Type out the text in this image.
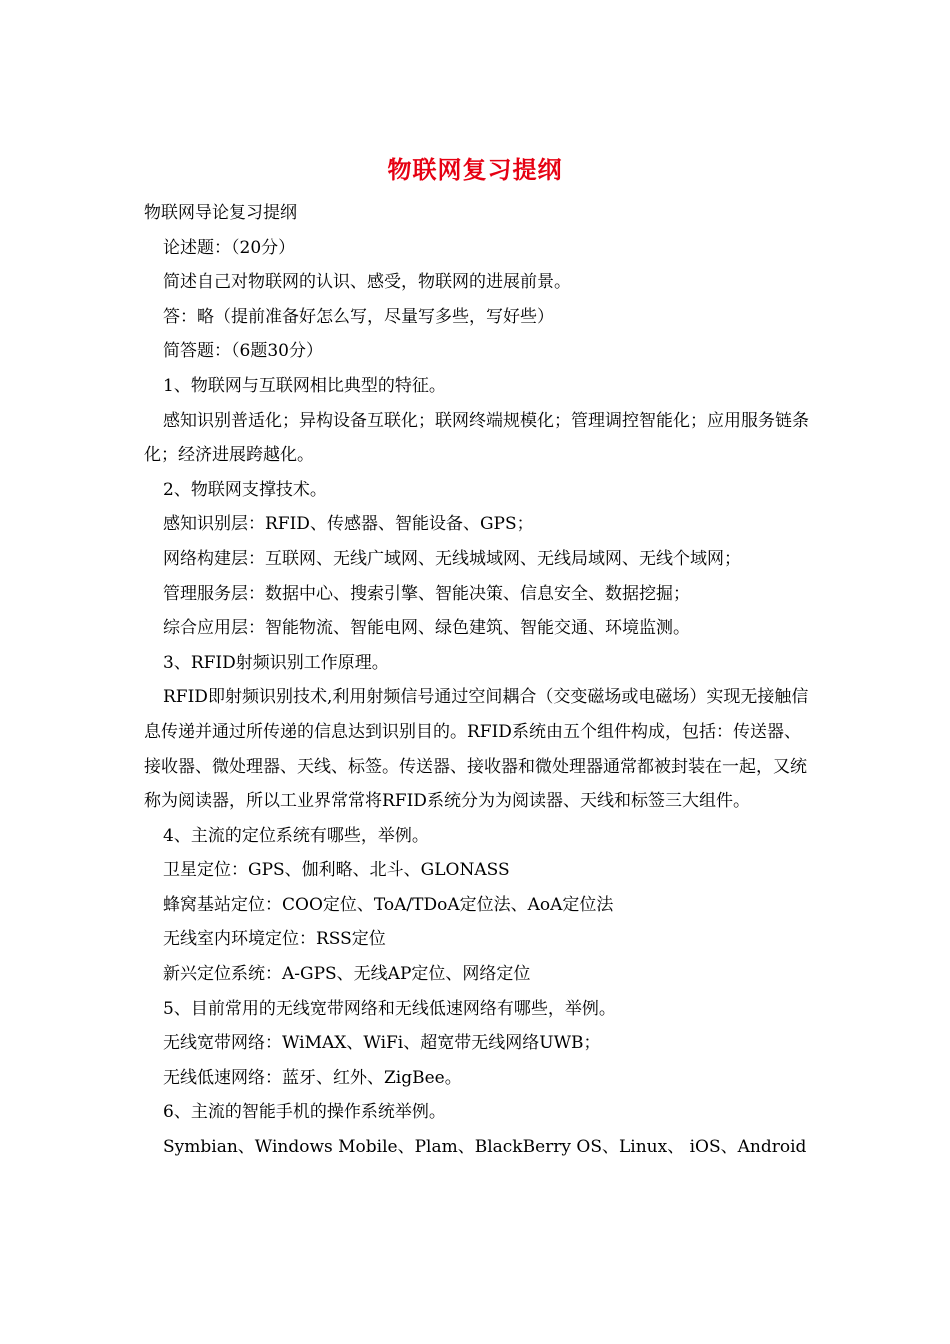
物联网复习提纲

物联网导论复习提纲

论述题：（20分）

简述自己对物联网的认识、感受，物联网的进展前景。

答：略（提前准备好怎么写，尽量写多些，写好些）

简答题：（6题30分）

1、物联网与互联网相比典型的特征。

感知识别普适化；异构设备互联化；联网终端规模化；管理调控智能化；应用服务链条化；经济进展跨越化。

2、物联网支撑技术。

感知识别层：RFID、传感器、智能设备、GPS；

网络构建层：互联网、无线广域网、无线城域网、无线局域网、无线个域网；

管理服务层：数据中心、搜索引擎、智能决策、信息安全、数据挖掘；

综合应用层：智能物流、智能电网、绿色建筑、智能交通、环境监测。

3、RFID射频识别工作原理。

RFID即射频识别技术,利用射频信号通过空间耦合（交变磁场或电磁场）实现无接触信息传递并通过所传递的信息达到识别目的。RFID系统由五个组件构成，包括：传送器、接收器、微处理器、天线、标签。传送器、接收器和微处理器通常都被封装在一起，又统称为阅读器，所以工业界常常将RFID系统分为为阅读器、天线和标签三大组件。

4、主流的定位系统有哪些，举例。

卫星定位：GPS、伽利略、北斗、GLONASS

蜂窝基站定位：COO定位、ToA/TDoA定位法、AoA定位法

无线室内环境定位：RSS定位

新兴定位系统：A-GPS、无线AP定位、网络定位

5、目前常用的无线宽带网络和无线低速网络有哪些，举例。

无线宽带网络：WiMAX、WiFi、超宽带无线网络UWB；

无线低速网络：蓝牙、红外、ZigBee。

6、主流的智能手机的操作系统举例。

Symbian、Windows Mobile、Plam、BlackBerry OS、Linux、 iOS、Android
